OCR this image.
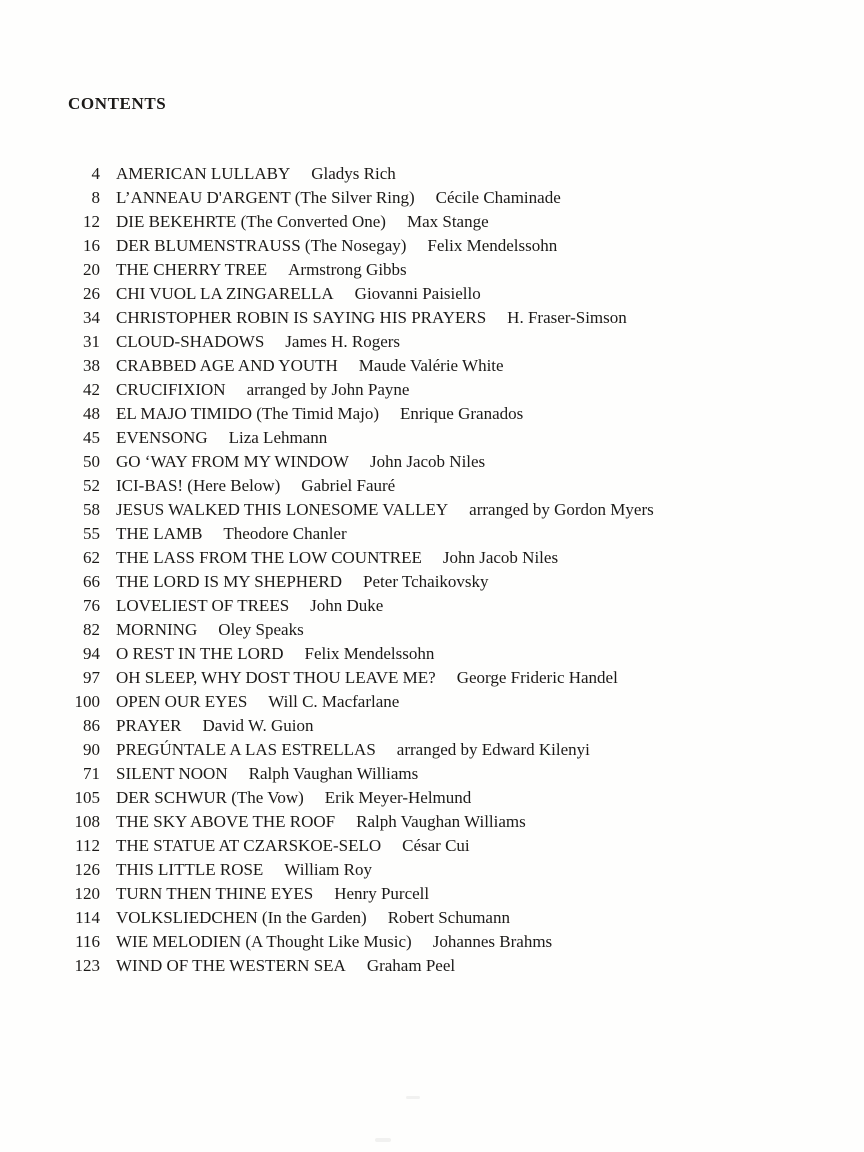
CONTENTS
4 AMERICAN LULLABY Gladys Rich
8 L’ANNEAU D'ARGENT (The Silver Ring) Cécile Chaminade
12 DIE BEKEHRTE (The Converted One) Max Stange
16 DER BLUMENSTRAUSS (The Nosegay) Felix Mendelssohn
20 THE CHERRY TREE Armstrong Gibbs
26 CHI VUOL LA ZINGARELLA Giovanni Paisiello
34 CHRISTOPHER ROBIN IS SAYING HIS PRAYERS H. Fraser-Simson
31 CLOUD-SHADOWS James H. Rogers
38 CRABBED AGE AND YOUTH Maude Valérie White
42 CRUCIFIXION arranged by John Payne
48 EL MAJO TIMIDO (The Timid Majo) Enrique Granados
45 EVENSONG Liza Lehmann
50 GO ‘WAY FROM MY WINDOW John Jacob Niles
52 ICI-BAS! (Here Below) Gabriel Fauré
58 JESUS WALKED THIS LONESOME VALLEY arranged by Gordon Myers
55 THE LAMB Theodore Chanler
62 THE LASS FROM THE LOW COUNTREE John Jacob Niles
66 THE LORD IS MY SHEPHERD Peter Tchaikovsky
76 LOVELIEST OF TREES John Duke
82 MORNING Oley Speaks
94 O REST IN THE LORD Felix Mendelssohn
97 OH SLEEP, WHY DOST THOU LEAVE ME? George Frideric Handel
100 OPEN OUR EYES Will C. Macfarlane
86 PRAYER David W. Guion
90 PREGÚNTALE A LAS ESTRELLAS arranged by Edward Kilenyi
71 SILENT NOON Ralph Vaughan Williams
105 DER SCHWUR (The Vow) Erik Meyer-Helmund
108 THE SKY ABOVE THE ROOF Ralph Vaughan Williams
112 THE STATUE AT CZARSKOE-SELO César Cui
126 THIS LITTLE ROSE William Roy
120 TURN THEN THINE EYES Henry Purcell
114 VOLKSLIEDCHEN (In the Garden) Robert Schumann
116 WIE MELODIEN (A Thought Like Music) Johannes Brahms
123 WIND OF THE WESTERN SEA Graham Peel
